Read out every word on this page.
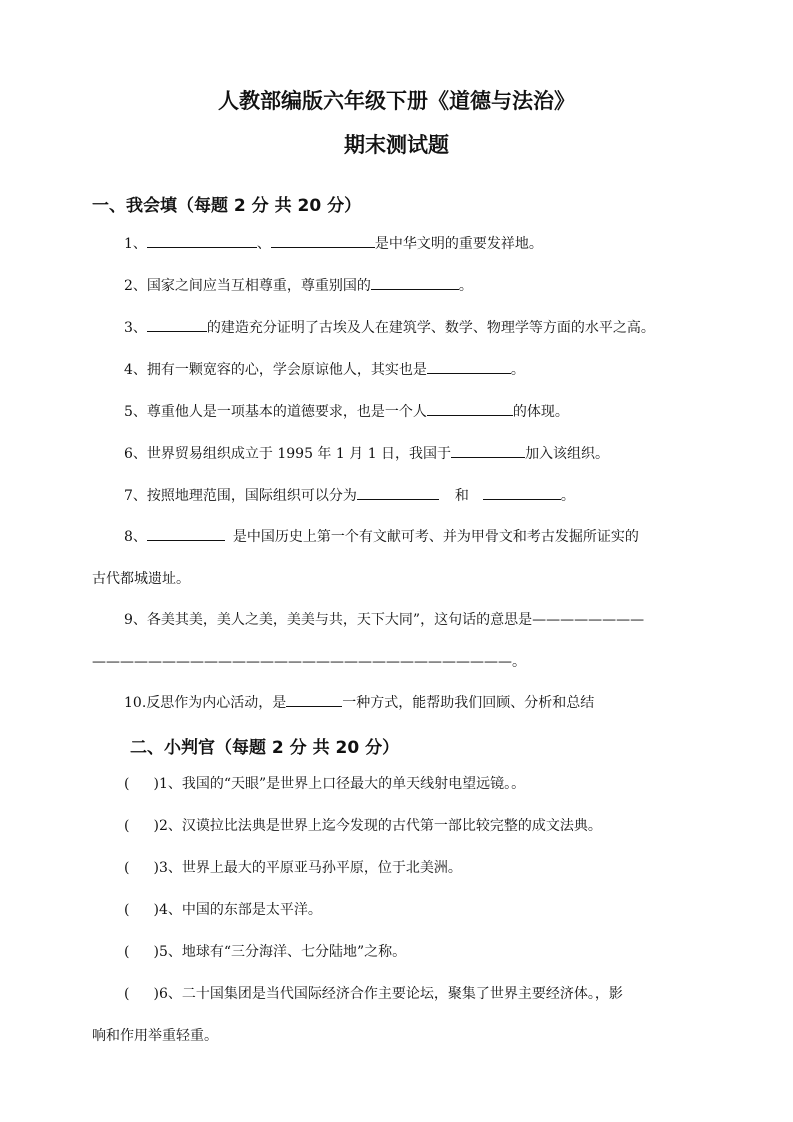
人教部编版六年级下册《道德与法治》
期末测试题
一、我会填（每题 2 分 共 20 分）
1、	、	是中华文明的重要发祥地。
2、国家之间应当互相尊重，尊重别国的	。
3、	的建造充分证明了古埃及人在建筑学、数学、物理学等方面的水平之高。
4、拥有一颗宽容的心，学会原谅他人，其实也是	。
5、尊重他人是一项基本的道德要求，也是一个人	的体现。
6、世界贸易组织成立于 1995 年 1 月 1 日，我国于	加入该组织。
7、按照地理范围，国际组织可以分为	和	。
8、	是中国历史上第一个有文献可考、并为甲骨文和考古发掘所证实的
古代都城遗址。
9、各美其美，美人之美，美美与共，天下大同”，这句话的意思是————————
——————————————————————————————。
10.反思作为内心活动，是	一种方式，能帮助我们回顾、分析和总结
二、小判官（每题 2 分 共 20 分）
( )1、我国的“天眼”是世界上口径最大的单天线射电望远镜。。
( )2、汉谟拉比法典是世界上迄今发现的古代第一部比较完整的成文法典。
( )3、世界上最大的平原亚马孙平原，位于北美洲。
( )4、中国的东部是太平洋。
( )5、地球有“三分海洋、七分陆地”之称。
( )6、二十国集团是当代国际经济合作主要论坛，聚集了世界主要经济体。，影
响和作用举重轻重。
